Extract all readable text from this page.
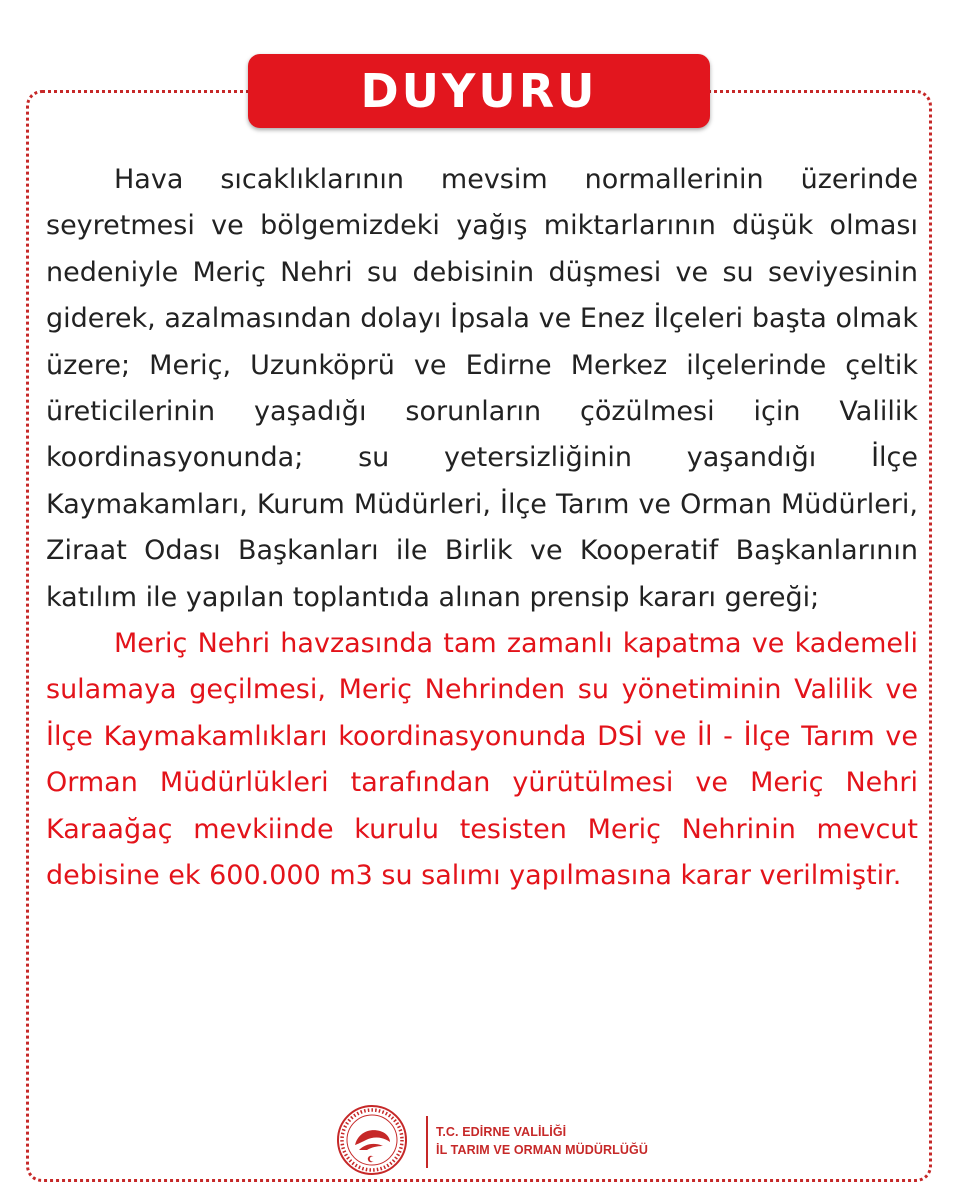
DUYURU

Hava sıcaklıklarının mevsim normallerinin üzerinde seyretmesi ve bölgemizdeki yağış miktarlarının düşük olması nedeniyle Meriç Nehri su debisinin düşmesi ve su seviyesinin giderek, azalmasından dolayı İpsala ve Enez İlçeleri başta olmak üzere; Meriç, Uzunköprü ve Edirne Merkez ilçelerinde çeltik üreticilerinin yaşadığı sorunların çözülmesi için Valilik koordinasyonunda; su yetersizliğinin yaşandığı İlçe Kaymakamları, Kurum Müdürleri, İlçe Tarım ve Orman Müdürleri, Ziraat Odası Başkanları ile Birlik ve Kooperatif Başkanlarının katılım ile yapılan toplantıda alınan prensip kararı gereği;

Meriç Nehri havzasında tam zamanlı kapatma ve kademeli sulamaya geçilmesi, Meriç Nehrinden su yönetiminin Valilik ve İlçe Kaymakamlıkları koordinasyonunda DSİ ve İl - İlçe Tarım ve Orman Müdürlükleri tarafından yürütülmesi ve Meriç Nehri Karaağaç mevkiinde kurulu tesisten Meriç Nehrinin mevcut debisine ek 600.000 m3 su salımı yapılmasına karar verilmiştir.

T.C. EDİRNE VALİLİĞİ
İL TARIM VE ORMAN MÜDÜRLÜĞÜ
